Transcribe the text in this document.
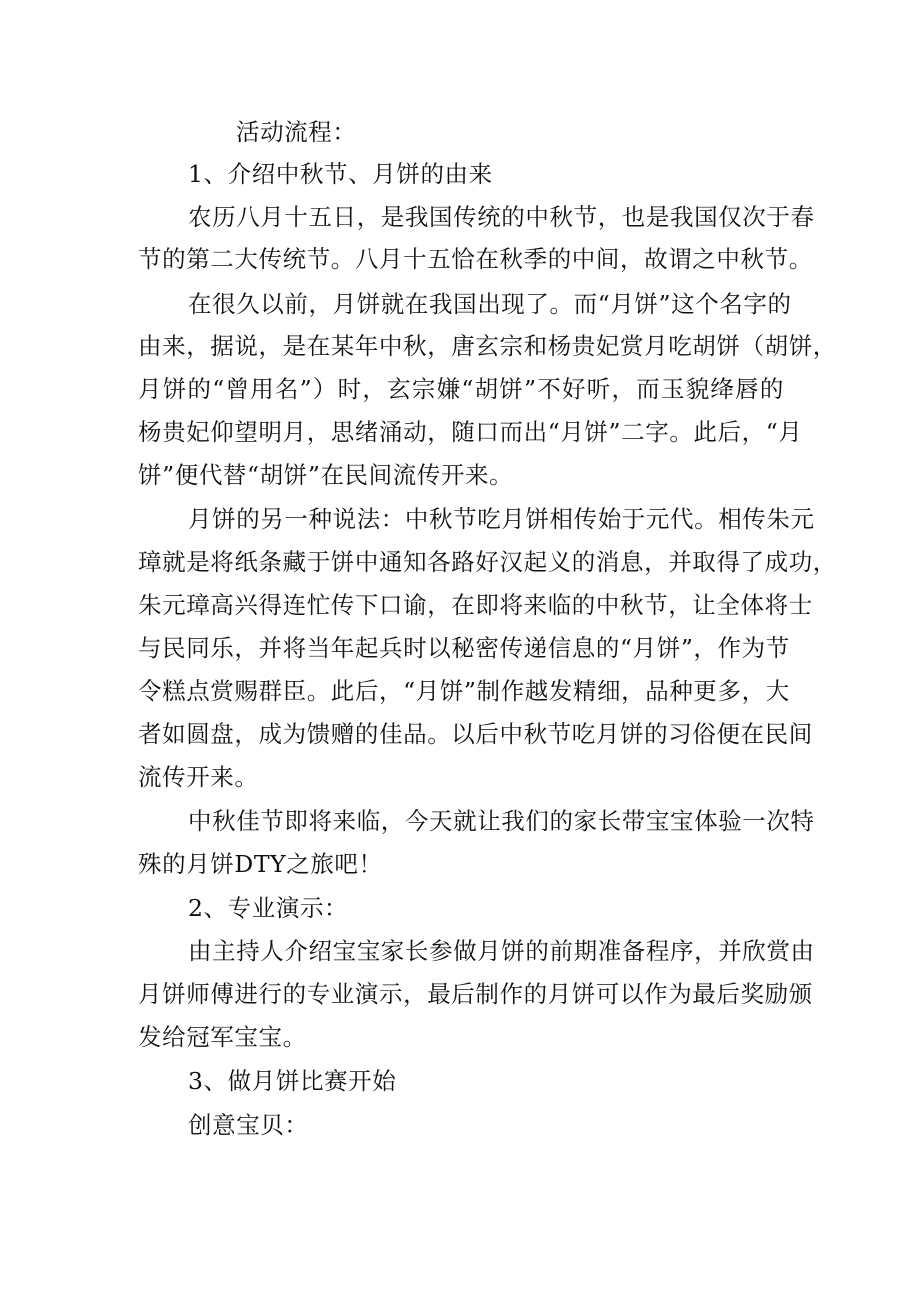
活动流程：
1、介绍中秋节、月饼的由来
农历八月十五日，是我国传统的中秋节，也是我国仅次于春
节的第二大传统节。八月十五恰在秋季的中间，故谓之中秋节。
在很久以前，月饼就在我国出现了。而“月饼”这个名字的
由来，据说，是在某年中秋，唐玄宗和杨贵妃赏月吃胡饼（胡饼，
月饼的“曾用名”）时，玄宗嫌“胡饼”不好听，而玉貌绛唇的
杨贵妃仰望明月，思绪涌动，随口而出“月饼”二字。此后，“月
饼”便代替“胡饼”在民间流传开来。
月饼的另一种说法：中秋节吃月饼相传始于元代。相传朱元
璋就是将纸条藏于饼中通知各路好汉起义的消息，并取得了成功，
朱元璋高兴得连忙传下口谕，在即将来临的中秋节，让全体将士
与民同乐，并将当年起兵时以秘密传递信息的“月饼”，作为节
令糕点赏赐群臣。此后，“月饼”制作越发精细，品种更多，大
者如圆盘，成为馈赠的佳品。以后中秋节吃月饼的习俗便在民间
流传开来。
中秋佳节即将来临，今天就让我们的家长带宝宝体验一次特
殊的月饼DTY之旅吧！
2、专业演示：
由主持人介绍宝宝家长参做月饼的前期准备程序，并欣赏由
月饼师傅进行的专业演示，最后制作的月饼可以作为最后奖励颁
发给冠军宝宝。
3、做月饼比赛开始
创意宝贝：
